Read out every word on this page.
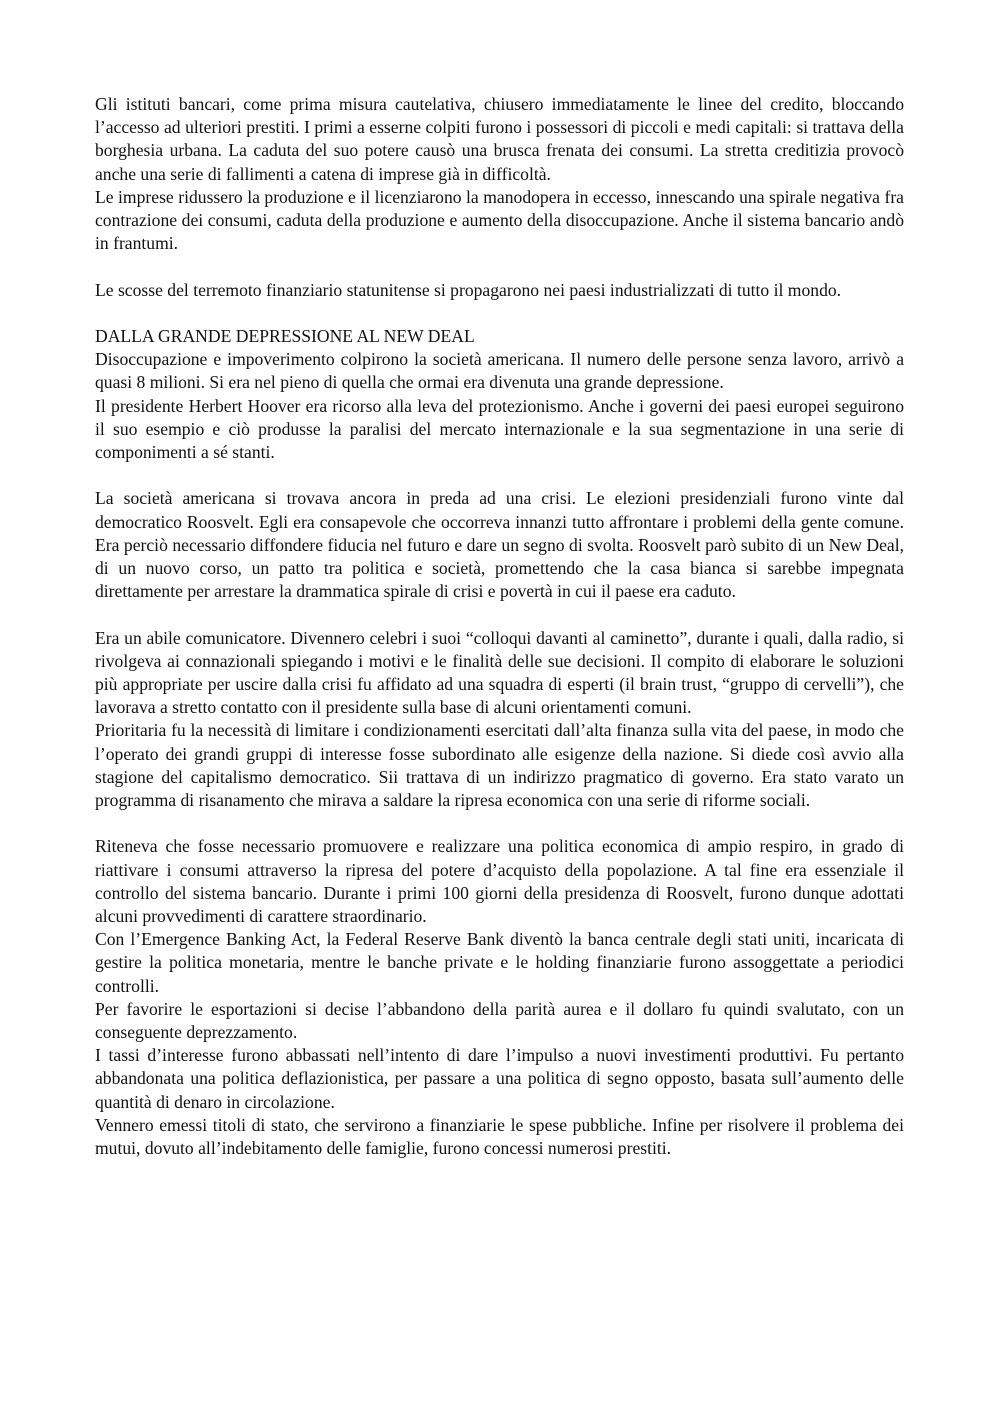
Gli istituti bancari, come prima misura cautelativa, chiusero immediatamente le linee del credito, bloccando l’accesso ad ulteriori prestiti. I primi a esserne colpiti furono i possessori di piccoli e medi capitali: si trattava della borghesia urbana. La caduta del suo potere causò una brusca frenata dei consumi. La stretta creditizia provocò anche una serie di fallimenti a catena di imprese già in difficoltà.

Le imprese ridussero la produzione e il licenziarono la manodopera in eccesso, innescando una spirale negativa fra contrazione dei consumi, caduta della produzione e aumento della disoccupazione. Anche il sistema bancario andò in frantumi.

Le scosse del terremoto finanziario statunitense si propagarono nei paesi industrializzati di tutto il mondo.

DALLA GRANDE DEPRESSIONE AL NEW DEAL

Disoccupazione e impoverimento colpirono la società americana. Il numero delle persone senza lavoro, arrivò a quasi 8 milioni. Si era nel pieno di quella che ormai era divenuta una grande depressione.

Il presidente Herbert Hoover era ricorso alla leva del protezionismo. Anche i governi dei paesi europei seguirono il suo esempio e ciò produsse la paralisi del mercato internazionale e la sua segmentazione in una serie di componimenti a sé stanti.

La società americana si trovava ancora in preda ad una crisi. Le elezioni presidenziali furono vinte dal democratico Roosvelt. Egli era consapevole che occorreva innanzi tutto affrontare i problemi della gente comune. Era perciò necessario diffondere fiducia nel futuro e dare un segno di svolta. Roosvelt parò subito di un New Deal, di un nuovo corso, un patto tra politica e società, promettendo che la casa bianca si sarebbe impegnata direttamente per arrestare la drammatica spirale di crisi e povertà in cui il paese era caduto.

Era un abile comunicatore. Divennero celebri i suoi “colloqui davanti al caminetto”, durante i quali, dalla radio, si rivolgeva ai connazionali spiegando i motivi e le finalità delle sue decisioni. Il compito di elaborare le soluzioni più appropriate per uscire dalla crisi fu affidato ad una squadra di esperti (il brain trust, “gruppo di cervelli”), che lavorava a stretto contatto con il presidente sulla base di alcuni orientamenti comuni.

Prioritaria fu la necessità di limitare i condizionamenti esercitati dall’alta finanza sulla vita del paese, in modo che l’operato dei grandi gruppi di interesse fosse subordinato alle esigenze della nazione. Si diede così avvio alla stagione del capitalismo democratico. Sii trattava di un indirizzo pragmatico di governo. Era stato varato un programma di risanamento che mirava a saldare la ripresa economica con una serie di riforme sociali.

Riteneva che fosse necessario promuovere e realizzare una politica economica di ampio respiro, in grado di riattivare i consumi attraverso la ripresa del potere d’acquisto della popolazione. A tal fine era essenziale il controllo del sistema bancario. Durante i primi 100 giorni della presidenza di Roosvelt, furono dunque adottati alcuni provvedimenti di carattere straordinario.

Con l’Emergence Banking Act, la Federal Reserve Bank diventò la banca centrale degli stati uniti, incaricata di gestire la politica monetaria, mentre le banche private e le holding finanziarie furono assoggettate a periodici controlli.

Per favorire le esportazioni si decise l’abbandono della parità aurea e il dollaro fu quindi svalutato, con un conseguente deprezzamento.

I tassi d’interesse furono abbassati nell’intento di dare l’impulso a nuovi investimenti produttivi. Fu pertanto abbandonata una politica deflazionistica, per passare a una politica di segno opposto, basata sull’aumento delle quantità di denaro in circolazione.

Vennero emessi titoli di stato, che servirono a finanziarie le spese pubbliche. Infine per risolvere il problema dei mutui, dovuto all’indebitamento delle famiglie, furono concessi numerosi prestiti.
